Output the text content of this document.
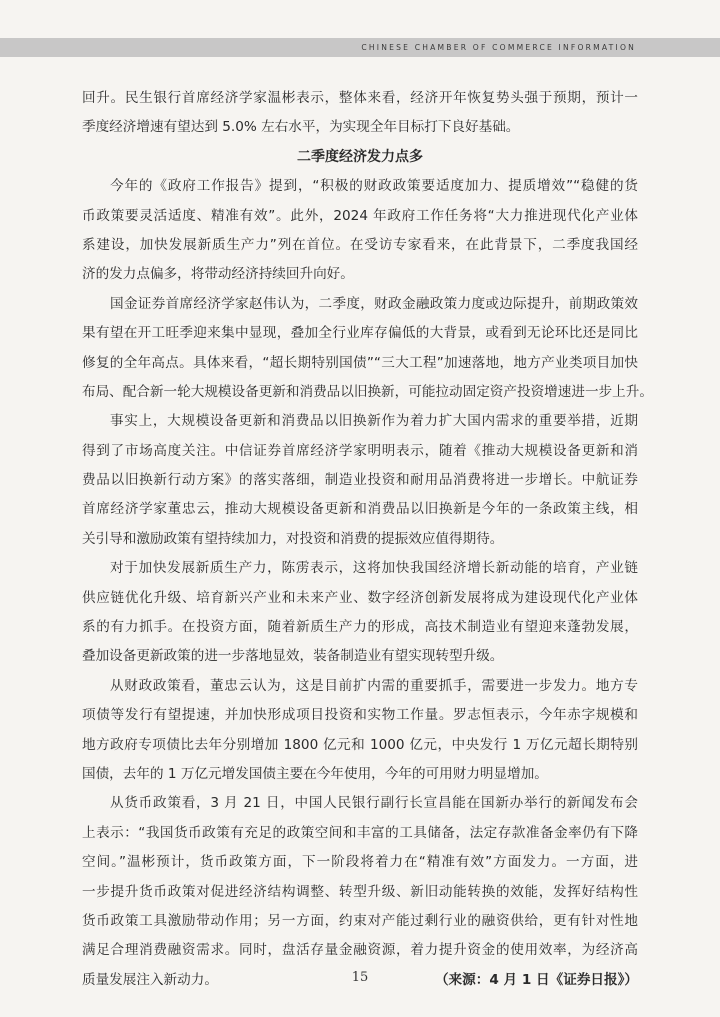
CHINESE CHAMBER OF COMMERCE INFORMATION
回升。民生银行首席经济学家温彬表示，整体来看，经济开年恢复势头强于预期，预计一
季度经济增速有望达到 5.0% 左右水平，为实现全年目标打下良好基础。
二季度经济发力点多
今年的《政府工作报告》提到，“积极的财政政策要适度加力、提质增效”“稳健的货
币政策要灵活适度、精准有效”。此外，2024 年政府工作任务将“大力推进现代化产业体
系建设，加快发展新质生产力”列在首位。在受访专家看来，在此背景下，二季度我国经
济的发力点偏多，将带动经济持续回升向好。
国金证券首席经济学家赵伟认为，二季度，财政金融政策力度或边际提升，前期政策效
果有望在开工旺季迎来集中显现，叠加全行业库存偏低的大背景，或看到无论环比还是同比
修复的全年高点。具体来看，“超长期特别国债”“三大工程”加速落地，地方产业类项目加快
布局、配合新一轮大规模设备更新和消费品以旧换新，可能拉动固定资产投资增速进一步上升。
事实上，大规模设备更新和消费品以旧换新作为着力扩大国内需求的重要举措，近期
得到了市场高度关注。中信证券首席经济学家明明表示，随着《推动大规模设备更新和消
费品以旧换新行动方案》的落实落细，制造业投资和耐用品消费将进一步增长。中航证券
首席经济学家董忠云，推动大规模设备更新和消费品以旧换新是今年的一条政策主线，相
关引导和激励政策有望持续加力，对投资和消费的提振效应值得期待。
对于加快发展新质生产力，陈雳表示，这将加快我国经济增长新动能的培育，产业链
供应链优化升级、培育新兴产业和未来产业、数字经济创新发展将成为建设现代化产业体
系的有力抓手。在投资方面，随着新质生产力的形成，高技术制造业有望迎来蓬勃发展，
叠加设备更新政策的进一步落地显效，装备制造业有望实现转型升级。
从财政政策看，董忠云认为，这是目前扩内需的重要抓手，需要进一步发力。地方专
项债等发行有望提速，并加快形成项目投资和实物工作量。罗志恒表示，今年赤字规模和
地方政府专项债比去年分别增加 1800 亿元和 1000 亿元，中央发行 1 万亿元超长期特别
国债，去年的 1 万亿元增发国债主要在今年使用，今年的可用财力明显增加。
从货币政策看，3 月 21 日，中国人民银行副行长宣昌能在国新办举行的新闻发布会
上表示：“我国货币政策有充足的政策空间和丰富的工具储备，法定存款准备金率仍有下降
空间。”温彬预计，货币政策方面，下一阶段将着力在“精准有效”方面发力。一方面，进
一步提升货币政策对促进经济结构调整、转型升级、新旧动能转换的效能，发挥好结构性
货币政策工具激励带动作用；另一方面，约束对产能过剩行业的融资供给，更有针对性地
满足合理消费融资需求。同时，盘活存量金融资源，着力提升资金的使用效率，为经济高
质量发展注入新动力。	（来源：4 月 1 日《证券日报》）
15
